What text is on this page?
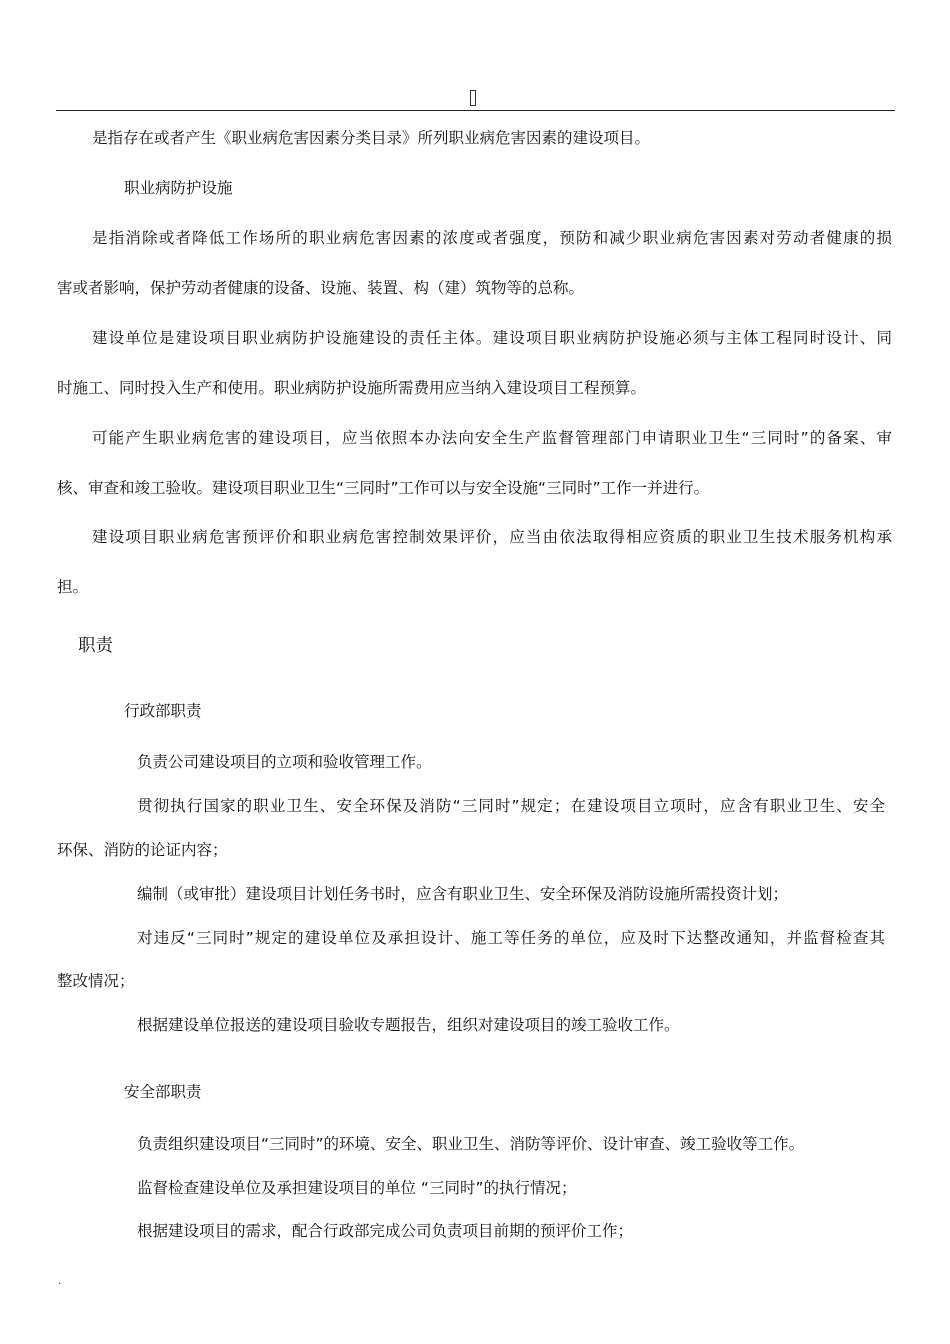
是指存在或者产生《职业病危害因素分类目录》所列职业病危害因素的建设项目。
职业病防护设施
是指消除或者降低工作场所的职业病危害因素的浓度或者强度，预防和减少职业病危害因素对劳动者健康的损
害或者影响，保护劳动者健康的设备、设施、装置、构（建）筑物等的总称。
建设单位是建设项目职业病防护设施建设的责任主体。建设项目职业病防护设施必须与主体工程同时设计、同
时施工、同时投入生产和使用。职业病防护设施所需费用应当纳入建设项目工程预算。
可能产生职业病危害的建设项目，应当依照本办法向安全生产监督管理部门申请职业卫生“三同时”的备案、审
核、审查和竣工验收。建设项目职业卫生“三同时”工作可以与安全设施“三同时”工作一并进行。
建设项目职业病危害预评价和职业病危害控制效果评价，应当由依法取得相应资质的职业卫生技术服务机构承
担。
职责
行政部职责
负责公司建设项目的立项和验收管理工作。
贯彻执行国家的职业卫生、安全环保及消防“三同时”规定；在建设项目立项时，应含有职业卫生、安全
环保、消防的论证内容；
编制（或审批）建设项目计划任务书时，应含有职业卫生、安全环保及消防设施所需投资计划；
对违反“三同时”规定的建设单位及承担设计、施工等任务的单位，应及时下达整改通知，并监督检查其
整改情况；
根据建设单位报送的建设项目验收专题报告，组织对建设项目的竣工验收工作。
安全部职责
负责组织建设项目“三同时”的环境、安全、职业卫生、消防等评价、设计审查、竣工验收等工作。
监督检查建设单位及承担建设项目的单位 “三同时”的执行情况；
根据建设项目的需求，配合行政部完成公司负责项目前期的预评价工作；
.
